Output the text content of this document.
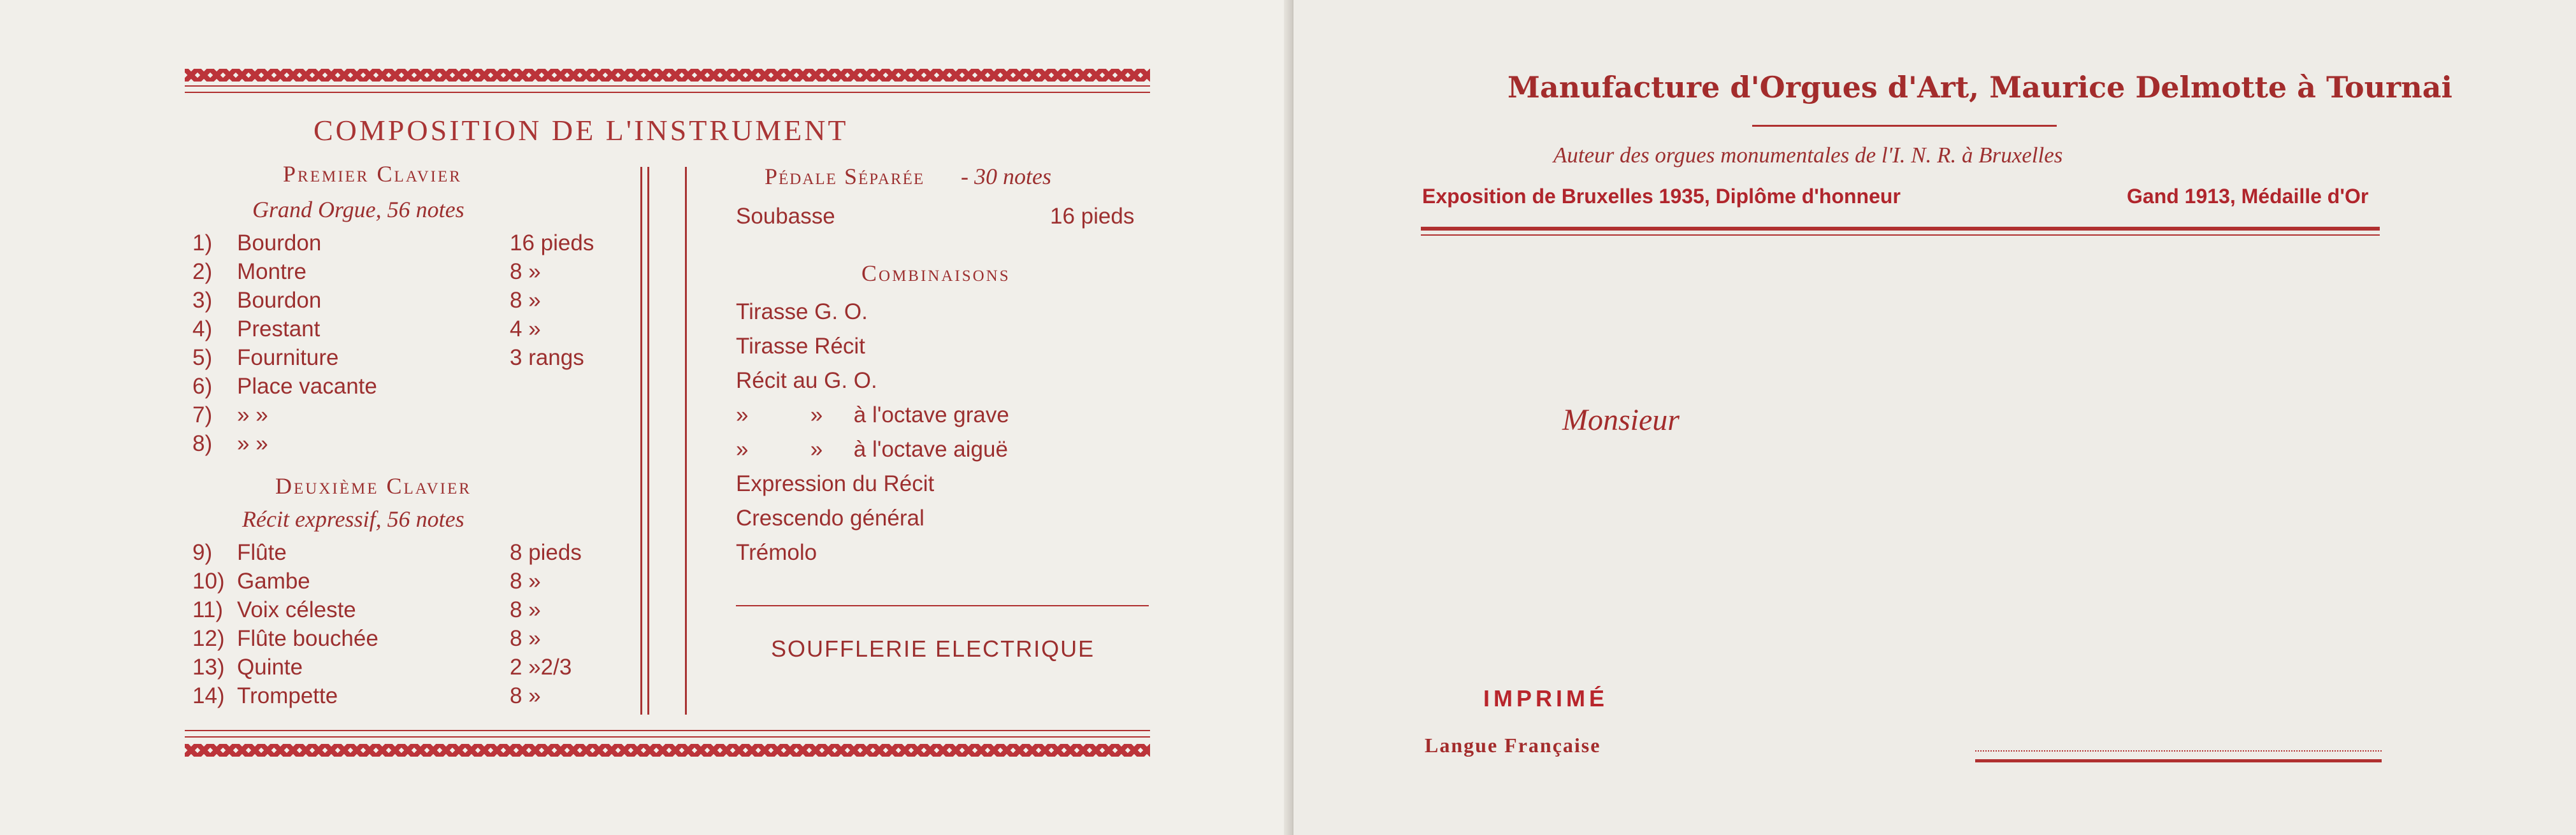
COMPOSITION DE L'INSTRUMENT
Premier Clavier
Grand Orgue, 56 notes
1) Bourdon	16 pieds
2) Montre	8 »
3) Bourdon	8 »
4) Prestant	4 »
5) Fourniture	3 rangs
6) Place vacante
7) » »
8) » »
Deuxième Clavier
Récit expressif, 56 notes
9) Flûte	8 pieds
10) Gambe	8 »
11) Voix céleste	8 »
12) Flûte bouchée	8 »
13) Quinte	2 »2/3
14) Trompette	8 »
Pédale Séparée - 30 notes
Soubasse	16 pieds
Combinaisons
Tirasse G. O.
Tirasse Récit
Récit au G. O.
»          »     à l'octave grave
»          »     à l'octave aiguë
Expression du Récit
Crescendo général
Trémolo
SOUFFLERIE ELECTRIQUE
Manufacture d'Orgues d'Art, Maurice Delmotte à Tournai
Auteur des orgues monumentales de l'I. N. R. à Bruxelles
Exposition de Bruxelles 1935, Diplôme d'honneur	Gand 1913, Médaille d'Or
Monsieur
IMPRIMÉ
Langue Française
